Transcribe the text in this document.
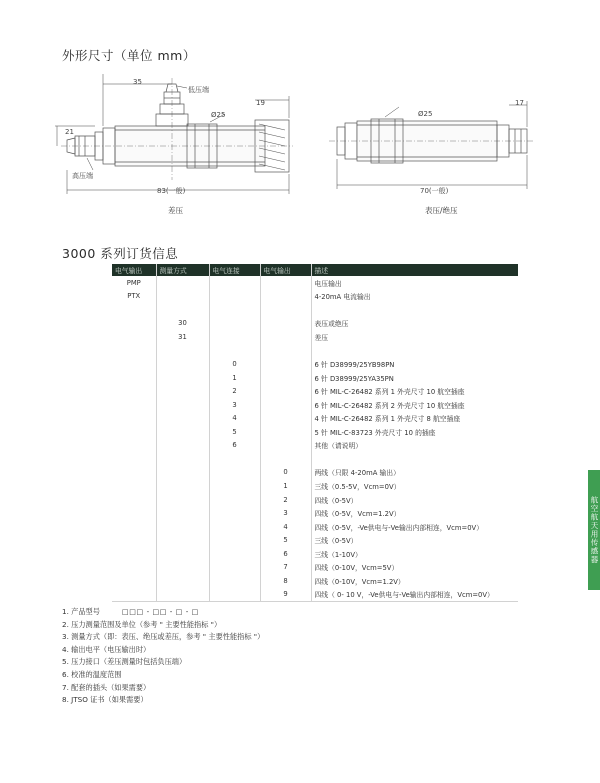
外形尺寸（单位 mm）
35
低压端
19
Ø25
21
高压端
83(一般)
差压
Ø25
17
70(一般)
表压/绝压
3000 系列订货信息
电气输出	测量方式	电气连接	电气输出	描述
PMP				电压输出
PTX				4-20mA 电流输出

	30			表压或绝压
	31			差压

		0		6 针 D38999/25YB98PN
		1		6 针 D38999/25YA35PN
		2		6 针 MIL-C-26482 系列 1 外壳尺寸 10 航空插座
		3		6 针 MIL-C-26482 系列 2 外壳尺寸 10 航空插座
		4		4 针 MIL-C-26482 系列 1 外壳尺寸 8 航空插座
		5		5 针 MIL-C-83723 外壳尺寸 10 的插座
		6		其他（请说明）

			0	两线（只限 4-20mA 输出）
			1	三线（0.5-5V，Vcm=0V）
			2	四线（0-5V）
			3	四线（0-5V，Vcm=1.2V）
			4	四线（0-5V，-Ve供电与-Ve输出内部相连，Vcm=0V）
			5	三线（0-5V）
			6	三线（1-10V）
			7	四线（0-10V，Vcm=5V）
			8	四线（0-10V，Vcm=1.2V）
			9	四线（ 0- 10 V，-Ve供电与-Ve输出内部相连，Vcm=0V）
1. 产品型号	□□□ - □□ - □ - □
2. 压力测量范围及单位（参考 " 主要性能指标 "）
3. 测量方式（即：表压、绝压或差压，参考 " 主要性能指标 "）
4. 输出电平（电压输出时）
5. 压力接口（差压测量时包括负压端）
6. 校准的温度范围
7. 配套的插头（如果需要）
8. JTSO 证书（如果需要）
航空航天用传感器
